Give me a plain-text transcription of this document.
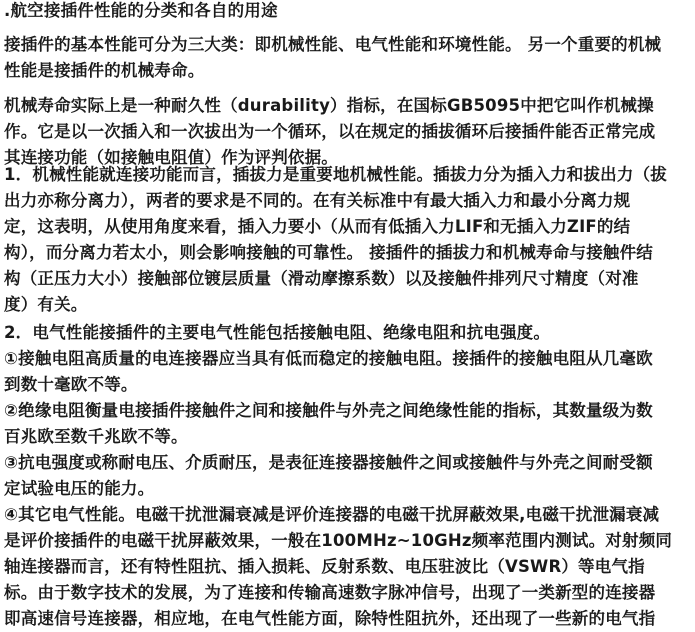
.航空接插件性能的分类和各自的用途
接插件的基本性能可分为三大类：即机械性能、电气性能和环境性能。 另一个重要的机械
性能是接插件的机械寿命。
机械寿命实际上是一种耐久性（durability）指标，在国标GB5095中把它叫作机械操
作。它是以一次插入和一次拔出为一个循环，以在规定的插拔循环后接插件能否正常完成
其连接功能（如接触电阻值）作为评判依据。
1．机械性能就连接功能而言，插拔力是重要地机械性能。插拔力分为插入力和拔出力（拔
出力亦称分离力），两者的要求是不同的。在有关标准中有最大插入力和最小分离力规
定，这表明，从使用角度来看，插入力要小（从而有低插入力LIF和无插入力ZIF的结
构），而分离力若太小，则会影响接触的可靠性。 接插件的插拔力和机械寿命与接触件结
构（正压力大小）接触部位镀层质量（滑动摩擦系数）以及接触件排列尺寸精度（对准
度）有关。
2．电气性能接插件的主要电气性能包括接触电阻、绝缘电阻和抗电强度。
①接触电阻高质量的电连接器应当具有低而稳定的接触电阻。接插件的接触电阻从几毫欧
到数十毫欧不等。
②绝缘电阻衡量电接插件接触件之间和接触件与外壳之间绝缘性能的指标，其数量级为数
百兆欧至数千兆欧不等。
③抗电强度或称耐电压、介质耐压，是表征连接器接触件之间或接触件与外壳之间耐受额
定试验电压的能力。
④其它电气性能。电磁干扰泄漏衰减是评价连接器的电磁干扰屏蔽效果,电磁干扰泄漏衰减
是评价接插件的电磁干扰屏蔽效果，一般在100MHz~10GHz频率范围内测试。对射频同
轴连接器而言，还有特性阻抗、插入损耗、反射系数、电压驻波比（VSWR）等电气指
标。由于数字技术的发展，为了连接和传输高速数字脉冲信号，出现了一类新型的连接器
即高速信号连接器，相应地，在电气性能方面，除特性阻抗外，还出现了一些新的电气指
